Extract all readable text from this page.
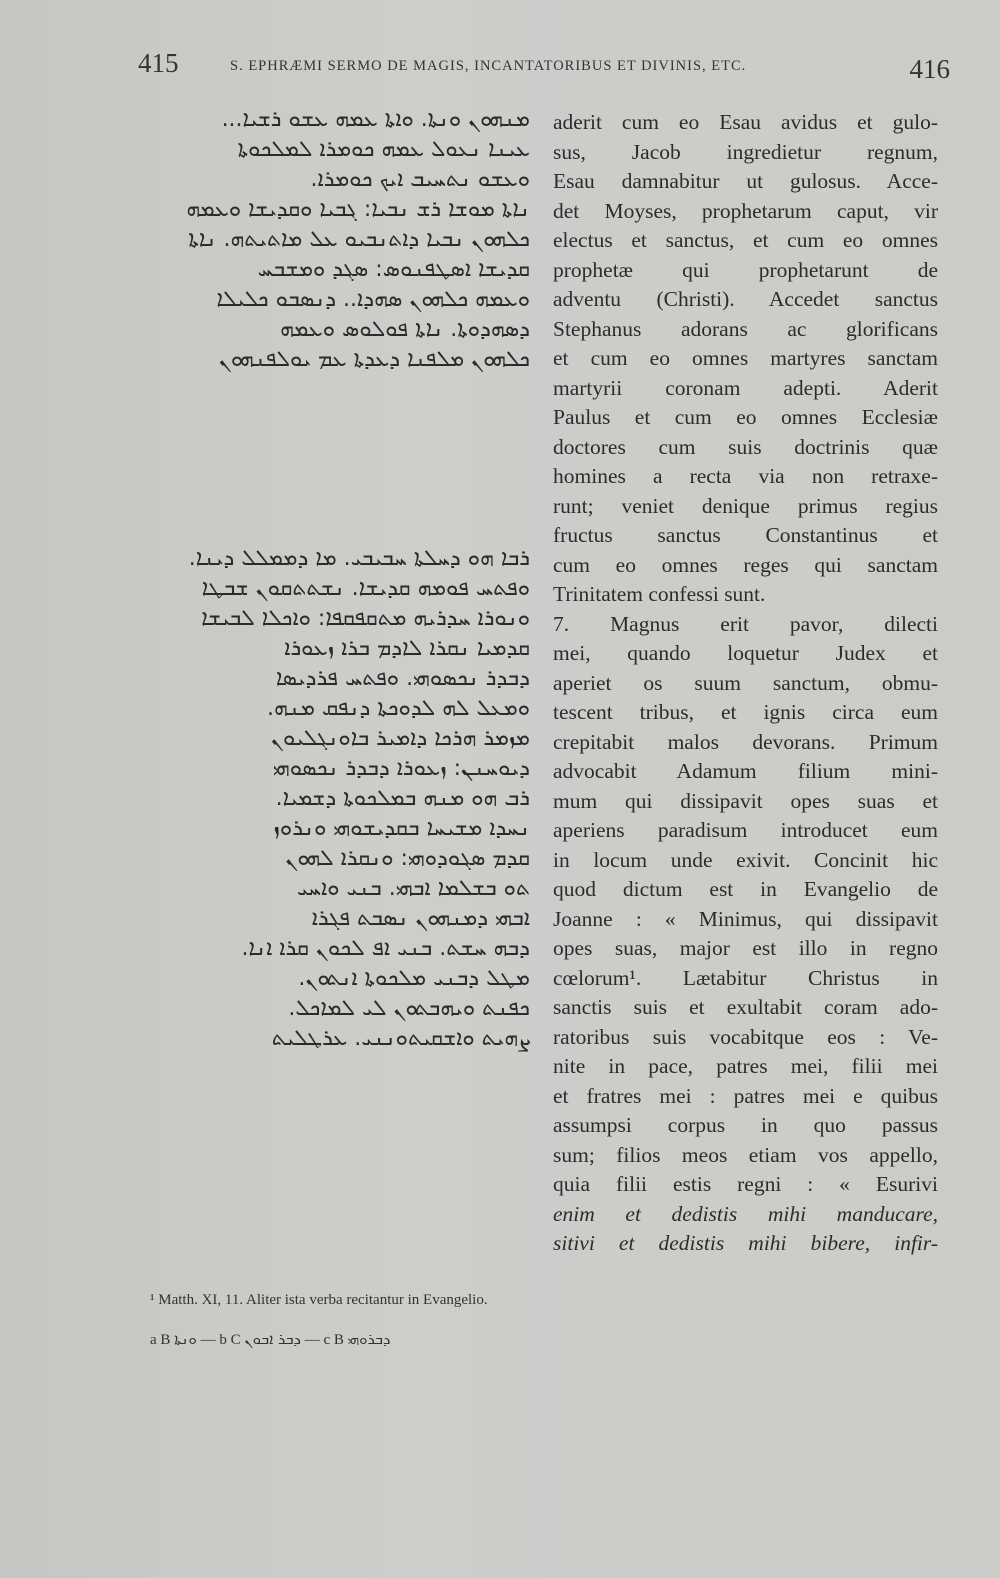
415	S. EPHRÆMI SERMO DE MAGIS, INCANTATORIBUS ET DIVINIS, ETC.	416
ܡܢܗܘܢ ܘܢܬܐ. ܘܐܬܐ ܥܡܗ ܥܫܘ ܪܫܝܐ...
ܥܝܢܐ ܢܥܘܠ ܥܡܗ ܟܘܡܪܐ ܠܡܠܟܘܬܐ
ܘܥܫܘ ܢܬܚܝܒ ܐܝܟ ܟܘܡܪܐ.
ܢܐܬܐ ܡܘܫܐ ܪܫ ܢܒܝܐ: ܓܒܝܐ ܘܩܕܝܫܐ ܘܥܡܗ
ܟܠܗܘܢ ܢܒܝܐ ܕܐܬܢܒܝܘ ܥܠ ܡܐܬܝܬܗ. ܢܐܬܐ
ܩܕܝܫܐ ܐܣܛܦܢܘܣ: ܣܓܕ ܘܡܫܒܚ
ܘܥܡܗ ܟܠܗܘܢ ܣܗܕܐ.. ܕܢܣܒܘ ܟܠܝܠܐ
ܕܣܗܕܘܬܐ. ܢܐܬܐ ܦܘܠܘܣ ܘܥܡܗ
ܟܠܗܘܢ ܡܠܦܢܐ ܕܥܕܬܐ ܥܡ ܝܘܠܦܢܗܘܢ
ܪܒܐ ܗܘ ܕܚܠܬܐ ܚܒܝܒܝ. ܡܐ ܕܡܡܠܠ ܕܝܢܐ.
ܘܦܬܚ ܦܘܡܗ ܩܕܝܫܐ. ܢܫܬܬܩܘܢ ܫܒܛܐ
ܘܢܘܪܐ ܚܕܪܝܗ ܡܬܩܦܩܦܐ: ܘܐܟܠܐ ܠܒܝܫܐ
ܩܕܡܝܐ ܢܩܪܐ ܠܐܕܡ ܒܪܐ ܙܥܘܪܐ
ܕܒܕܪ ܢܟܣܘܗܝ. ܘܦܬܚ ܦܪܕܝܣܐ
ܘܡܥܠ ܠܗ ܠܕܘܟܬܐ ܕܢܦܩ ܡܢܗ.
ܡܙܡܪ ܗܪܟܐ ܕܐܡܝܪ ܒܐܘܢܓܠܝܘܢ
ܕܝܘܚܢܢ: ܙܥܘܪܐ ܕܒܕܪ ܢܟܣܘܗܝ
ܪܒ ܗܘ ܡܢܗ ܒܡܠܟܘܬܐ ܕܫܡܝܐ.
ܢܚܕܐ ܡܫܝܚܐ ܒܩܕܝܫܘܗܝ ܘܢܪܘܙ
ܩܕܡ ܣܓܘܕܘܗܝ: ܘܢܩܪܐ ܠܗܘܢ
ܬܘ ܒܫܠܡܐ ܐܒܗܝ. ܒܢܝ ܘܐܚܝ
ܐܒܗܝ ܕܡܢܗܘܢ ܢܣܒܬ ܦܓܪܐ
ܕܒܗ ܚܫܬ. ܒܢܝ ܐܦ ܠܟܘܢ ܩܪܐ ܐܢܐ.
ܡܛܠ ܕܒܢܝ ܡܠܟܘܬܐ ܐܢܬܘܢ.
ܟܦܢܬ ܘܝܗܒܬܘܢ ܠܝ ܠܡܐܟܠ.
ܨܗܝܬ ܘܐܫܩܝܬܘܢܢܝ. ܥܪܛܠܝܬ
aderit cum eo Esau avidus et gulo-
sus, Jacob ingredietur regnum,
Esau damnabitur ut gulosus. Acce-
det Moyses, prophetarum caput, vir
electus et sanctus, et cum eo omnes
prophetæ qui prophetarunt de
adventu (Christi). Accedet sanctus
Stephanus adorans ac glorificans
et cum eo omnes martyres sanctam
martyrii coronam adepti. Aderit
Paulus et cum eo omnes Ecclesiæ
doctores cum suis doctrinis quæ
homines a recta via non retraxe-
runt; veniet denique primus regius
fructus sanctus Constantinus et
cum eo omnes reges qui sanctam
Trinitatem confessi sunt.
7. Magnus erit pavor, dilecti
mei, quando loquetur Judex et
aperiet os suum sanctum, obmu-
tescent tribus, et ignis circa eum
crepitabit malos devorans. Primum
advocabit Adamum filium mini-
mum qui dissipavit opes suas et
aperiens paradisum introducet eum
in locum unde exivit. Concinit hic
quod dictum est in Evangelio de
Joanne : « Minimus, qui dissipavit
opes suas, major est illo in regno
cœlorum¹. Lætabitur Christus in
sanctis suis et exultabit coram ado-
ratoribus suis vocabitque eos : Ve-
nite in pace, patres mei, filii mei
et fratres mei : patres mei e quibus
assumpsi corpus in quo passus
sum; filios meos etiam vos appello,
quia filii estis regni : « Esurivi
enim et dedistis mihi manducare,
sitivi et dedistis mihi bibere, infir-
¹ Matth. XI, 11. Aliter ista verba recitantur in Evangelio.
a B ܘܢܬܐ — b C ܕܒܪ ܐܒܘܢ — c B ܕܒܪܘܗܝ
